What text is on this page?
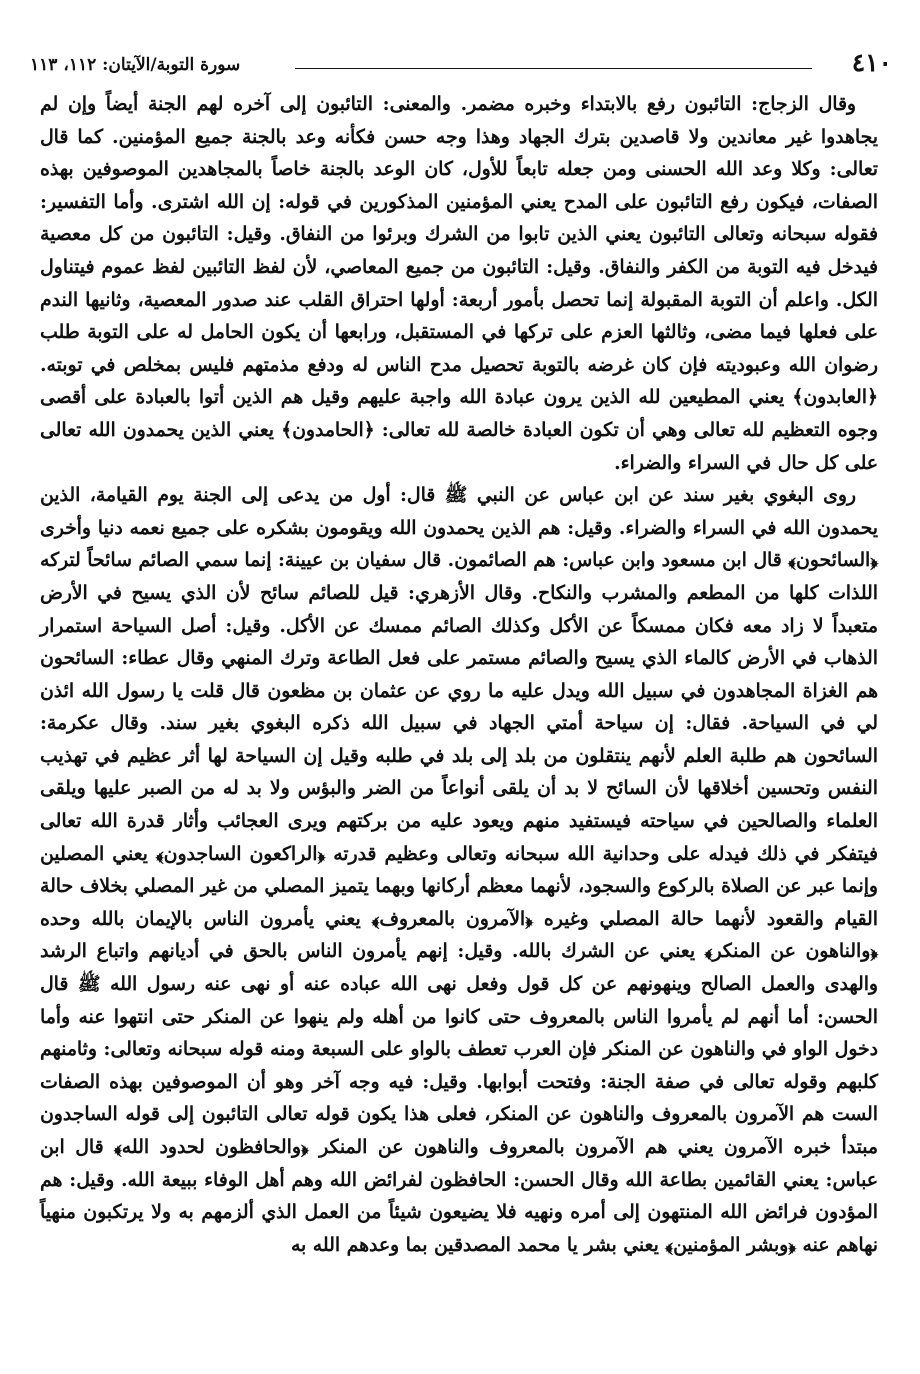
٤١٠
سورة التوبة/الآيتان: ١١٢، ١١٣

وقال الزجاج: التائبون رفع بالابتداء وخبره مضمر. والمعنى: التائبون إلى آخره لهم الجنة أيضاً وإن لم يجاهدوا غير معاندين ولا قاصدين بترك الجهاد وهذا وجه حسن فكأنه وعد بالجنة جميع المؤمنين. كما قال تعالى: وكلا وعد الله الحسنى ومن جعله تابعاً للأول، كان الوعد بالجنة خاصاً بالمجاهدين الموصوفين بهذه الصفات، فيكون رفع التائبون على المدح يعني المؤمنين المذكورين في قوله: إن الله اشترى. وأما التفسير: فقوله سبحانه وتعالى التائبون يعني الذين تابوا من الشرك وبرئوا من النفاق. وقيل: التائبون من كل معصية فيدخل فيه التوبة من الكفر والنفاق. وقيل: التائبون من جميع المعاصي، لأن لفظ التائبين لفظ عموم فيتناول الكل. واعلم أن التوبة المقبولة إنما تحصل بأمور أربعة: أولها احتراق القلب عند صدور المعصية، وثانيها الندم على فعلها فيما مضى، وثالثها العزم على تركها في المستقبل، ورابعها أن يكون الحامل له على التوبة طلب رضوان الله وعبوديته فإن كان غرضه بالتوبة تحصيل مدح الناس له ودفع مذمتهم فليس بمخلص في توبته. ﴿العابدون﴾ يعني المطيعين لله الذين يرون عبادة الله واجبة عليهم وقيل هم الذين أتوا بالعبادة على أقصى وجوه التعظيم لله تعالى وهي أن تكون العبادة خالصة لله تعالى: ﴿الحامدون﴾ يعني الذين يحمدون الله تعالى على كل حال في السراء والضراء.

روى البغوي بغير سند عن ابن عباس عن النبي ﷺ قال: أول من يدعى إلى الجنة يوم القيامة، الذين يحمدون الله في السراء والضراء. وقيل: هم الذين يحمدون الله ويقومون بشكره على جميع نعمه دنيا وأخرى ﴿السائحون﴾ قال ابن مسعود وابن عباس: هم الصائمون. قال سفيان بن عيينة: إنما سمي الصائم سائحاً لتركه اللذات كلها من المطعم والمشرب والنكاح. وقال الأزهري: قيل للصائم سائح لأن الذي يسيح في الأرض متعبداً لا زاد معه فكان ممسكاً عن الأكل وكذلك الصائم ممسك عن الأكل. وقيل: أصل السياحة استمرار الذهاب في الأرض كالماء الذي يسيح والصائم مستمر على فعل الطاعة وترك المنهي وقال عطاء: السائحون هم الغزاة المجاهدون في سبيل الله ويدل عليه ما روي عن عثمان بن مظعون قال قلت يا رسول الله ائذن لي في السياحة. فقال: إن سياحة أمتي الجهاد في سبيل الله ذكره البغوي بغير سند. وقال عكرمة: السائحون هم طلبة العلم لأنهم ينتقلون من بلد إلى بلد في طلبه وقيل إن السياحة لها أثر عظيم في تهذيب النفس وتحسين أخلاقها لأن السائح لا بد أن يلقى أنواعاً من الضر والبؤس ولا بد له من الصبر عليها ويلقى العلماء والصالحين في سياحته فيستفيد منهم ويعود عليه من بركتهم ويرى العجائب وأثار قدرة الله تعالى فيتفكر في ذلك فيدله على وحدانية الله سبحانه وتعالى وعظيم قدرته ﴿الراكعون الساجدون﴾ يعني المصلين وإنما عبر عن الصلاة بالركوع والسجود، لأنهما معظم أركانها وبهما يتميز المصلي من غير المصلي بخلاف حالة القيام والقعود لأنهما حالة المصلي وغيره ﴿الآمرون بالمعروف﴾ يعني يأمرون الناس بالإيمان بالله وحده ﴿والناهون عن المنكر﴾ يعني عن الشرك بالله. وقيل: إنهم يأمرون الناس بالحق في أديانهم واتباع الرشد والهدى والعمل الصالح وينهونهم عن كل قول وفعل نهى الله عباده عنه أو نهى عنه رسول الله ﷺ قال الحسن: أما أنهم لم يأمروا الناس بالمعروف حتى كانوا من أهله ولم ينهوا عن المنكر حتى انتهوا عنه وأما دخول الواو في والناهون عن المنكر فإن العرب تعطف بالواو على السبعة ومنه قوله سبحانه وتعالى: وثامنهم كلبهم وقوله تعالى في صفة الجنة: وفتحت أبوابها. وقيل: فيه وجه آخر وهو أن الموصوفين بهذه الصفات الست هم الآمرون بالمعروف والناهون عن المنكر، فعلى هذا يكون قوله تعالى التائبون إلى قوله الساجدون مبتدأ خبره الآمرون يعني هم الآمرون بالمعروف والناهون عن المنكر ﴿والحافظون لحدود الله﴾ قال ابن عباس: يعني القائمين بطاعة الله وقال الحسن: الحافظون لفرائض الله وهم أهل الوفاء ببيعة الله. وقيل: هم المؤدون فرائض الله المنتهون إلى أمره ونهيه فلا يضيعون شيئاً من العمل الذي ألزمهم به ولا يرتكبون منهياً نهاهم عنه ﴿وبشر المؤمنين﴾ يعني بشر يا محمد المصدقين بما وعدهم الله به
